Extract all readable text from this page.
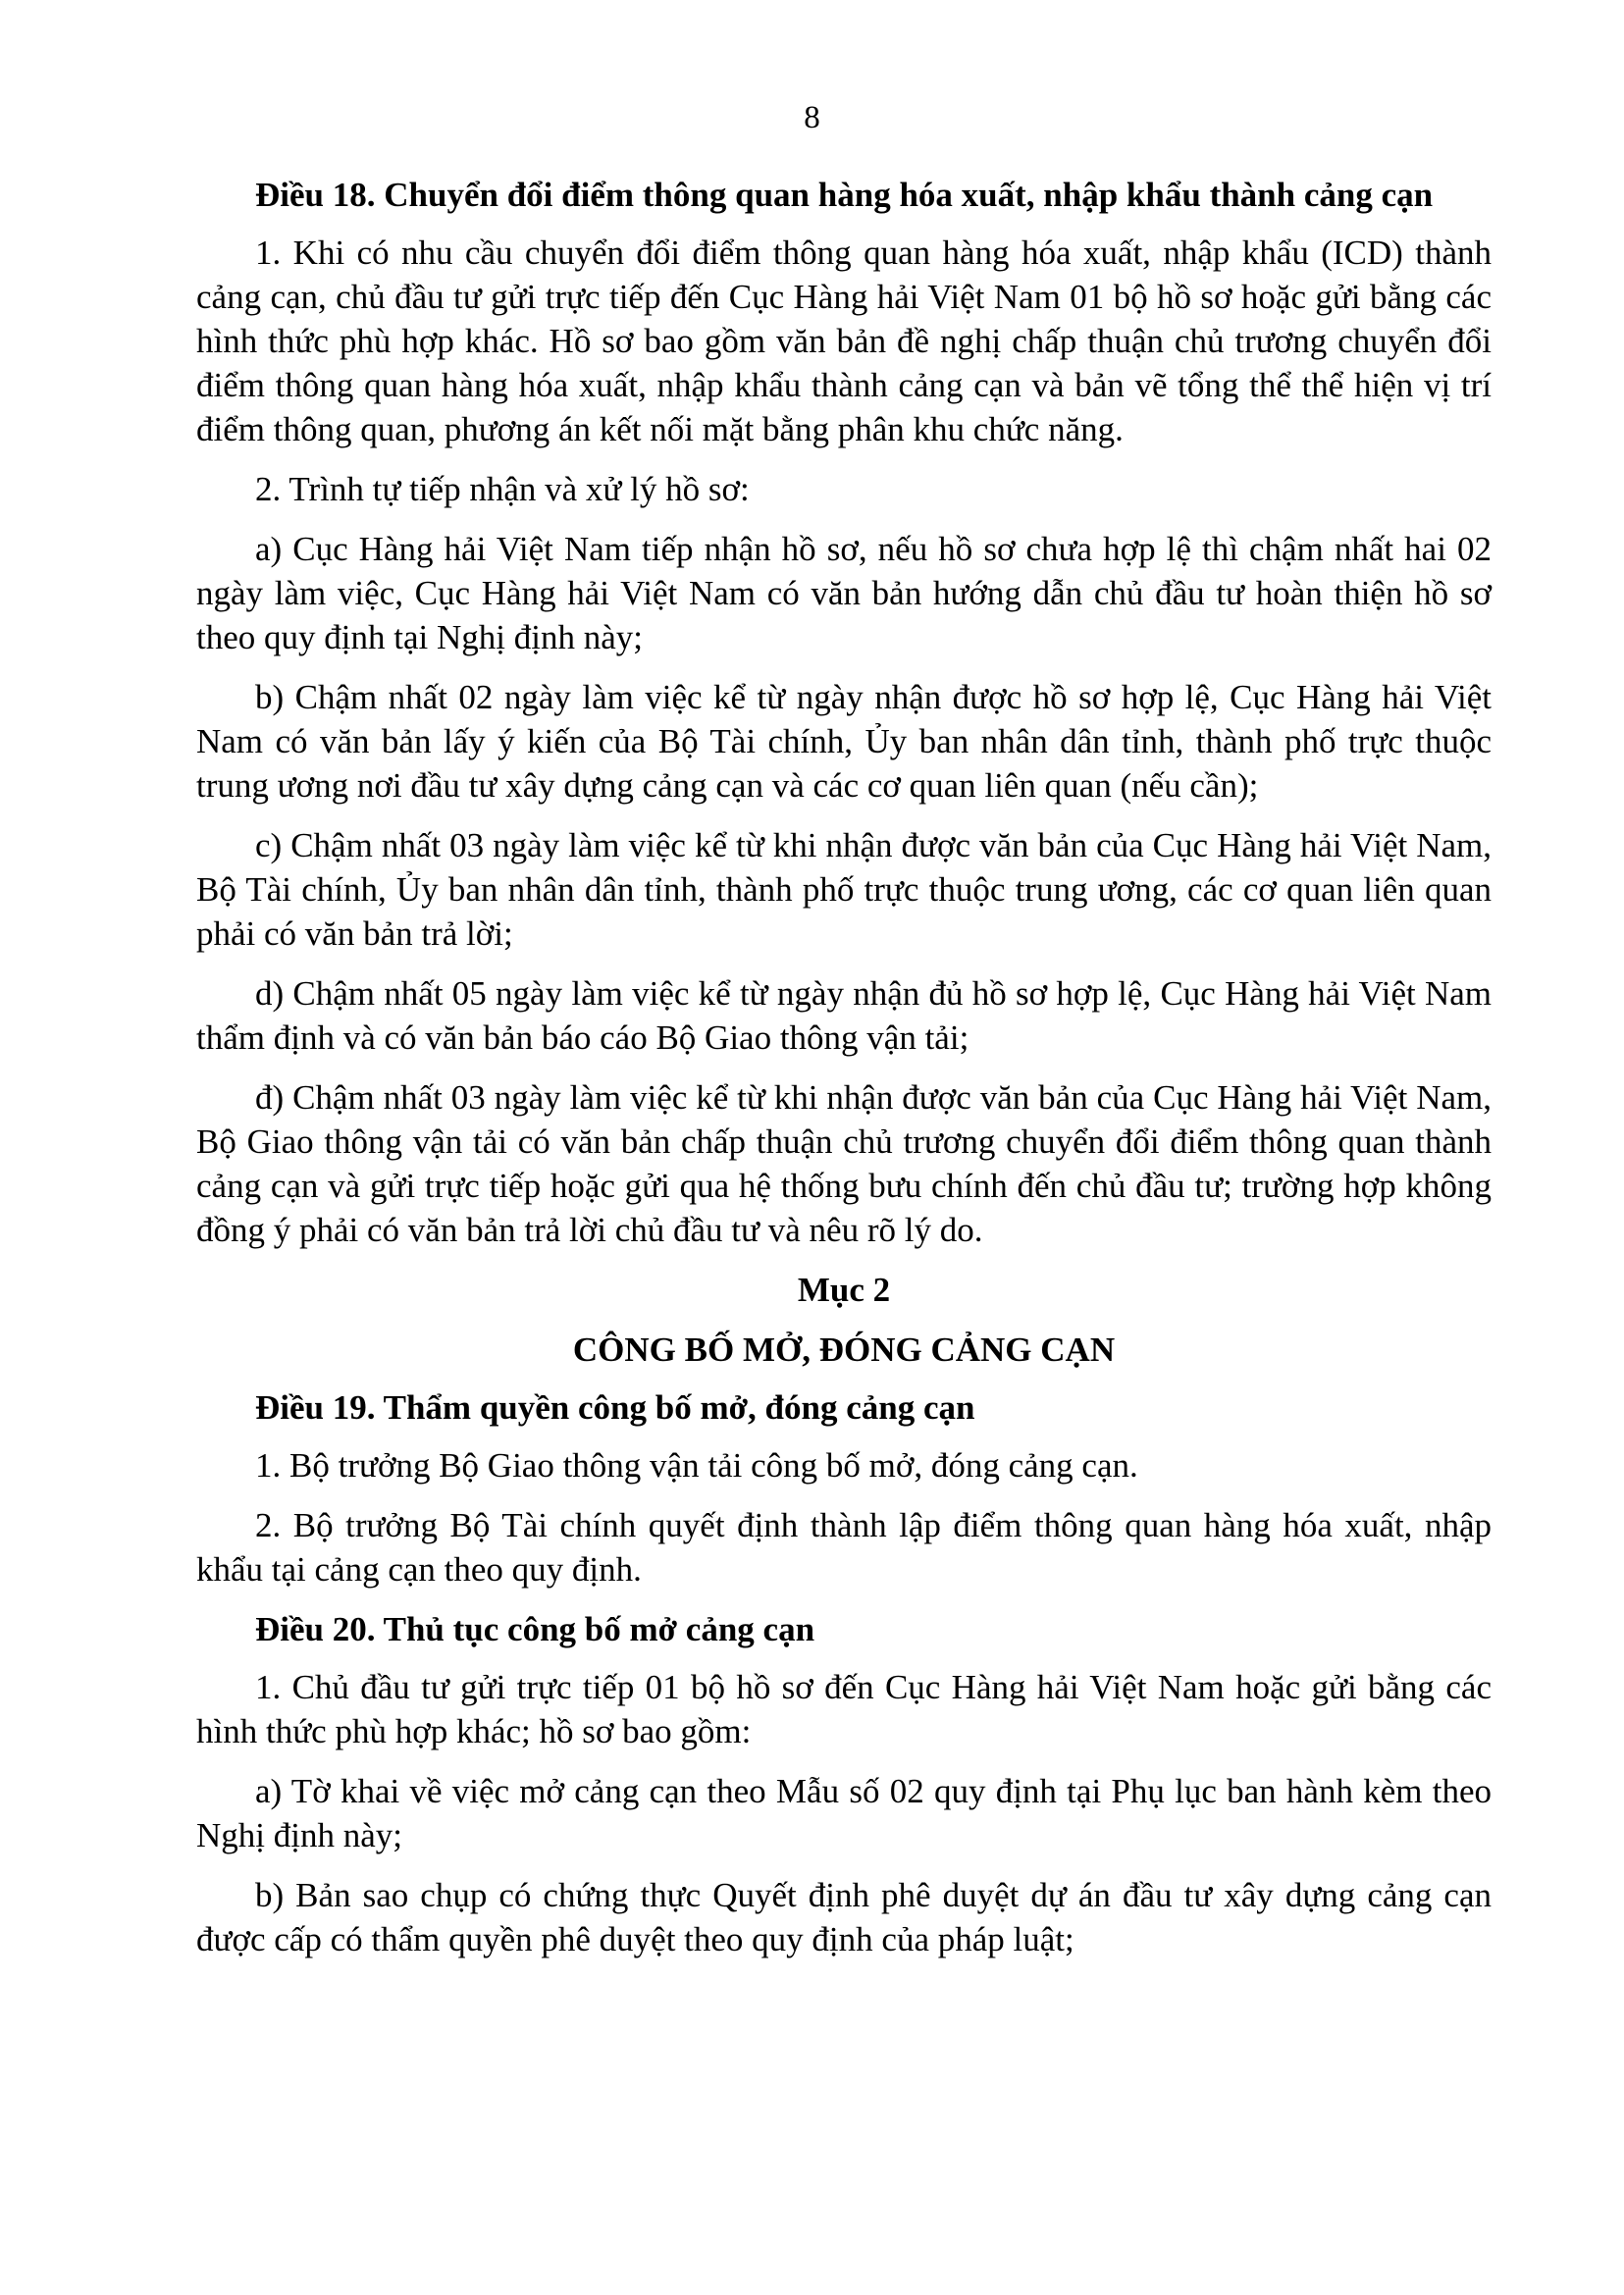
8

Điều 18. Chuyển đổi điểm thông quan hàng hóa xuất, nhập khẩu thành cảng cạn

1. Khi có nhu cầu chuyển đổi điểm thông quan hàng hóa xuất, nhập khẩu (ICD) thành cảng cạn, chủ đầu tư gửi trực tiếp đến Cục Hàng hải Việt Nam 01 bộ hồ sơ hoặc gửi bằng các hình thức phù hợp khác. Hồ sơ bao gồm văn bản đề nghị chấp thuận chủ trương chuyển đổi điểm thông quan hàng hóa xuất, nhập khẩu thành cảng cạn và bản vẽ tổng thể thể hiện vị trí điểm thông quan, phương án kết nối mặt bằng phân khu chức năng.

2. Trình tự tiếp nhận và xử lý hồ sơ:

a) Cục Hàng hải Việt Nam tiếp nhận hồ sơ, nếu hồ sơ chưa hợp lệ thì chậm nhất hai 02 ngày làm việc, Cục Hàng hải Việt Nam có văn bản hướng dẫn chủ đầu tư hoàn thiện hồ sơ theo quy định tại Nghị định này;

b) Chậm nhất 02 ngày làm việc kể từ ngày nhận được hồ sơ hợp lệ, Cục Hàng hải Việt Nam có văn bản lấy ý kiến của Bộ Tài chính, Ủy ban nhân dân tỉnh, thành phố trực thuộc trung ương nơi đầu tư xây dựng cảng cạn và các cơ quan liên quan (nếu cần);

c) Chậm nhất 03 ngày làm việc kể từ khi nhận được văn bản của Cục Hàng hải Việt Nam, Bộ Tài chính, Ủy ban nhân dân tỉnh, thành phố trực thuộc trung ương, các cơ quan liên quan phải có văn bản trả lời;

d) Chậm nhất 05 ngày làm việc kể từ ngày nhận đủ hồ sơ hợp lệ, Cục Hàng hải Việt Nam thẩm định và có văn bản báo cáo Bộ Giao thông vận tải;

đ) Chậm nhất 03 ngày làm việc kể từ khi nhận được văn bản của Cục Hàng hải Việt Nam, Bộ Giao thông vận tải có văn bản chấp thuận chủ trương chuyển đổi điểm thông quan thành cảng cạn và gửi trực tiếp hoặc gửi qua hệ thống bưu chính đến chủ đầu tư; trường hợp không đồng ý phải có văn bản trả lời chủ đầu tư và nêu rõ lý do.

Mục 2

CÔNG BỐ MỞ, ĐÓNG CẢNG CẠN

Điều 19. Thẩm quyền công bố mở, đóng cảng cạn

1. Bộ trưởng Bộ Giao thông vận tải công bố mở, đóng cảng cạn.

2. Bộ trưởng Bộ Tài chính quyết định thành lập điểm thông quan hàng hóa xuất, nhập khẩu tại cảng cạn theo quy định.

Điều 20. Thủ tục công bố mở cảng cạn

1. Chủ đầu tư gửi trực tiếp 01 bộ hồ sơ đến Cục Hàng hải Việt Nam hoặc gửi bằng các hình thức phù hợp khác; hồ sơ bao gồm:

a) Tờ khai về việc mở cảng cạn theo Mẫu số 02 quy định tại Phụ lục ban hành kèm theo Nghị định này;

b) Bản sao chụp có chứng thực Quyết định phê duyệt dự án đầu tư xây dựng cảng cạn được cấp có thẩm quyền phê duyệt theo quy định của pháp luật;
